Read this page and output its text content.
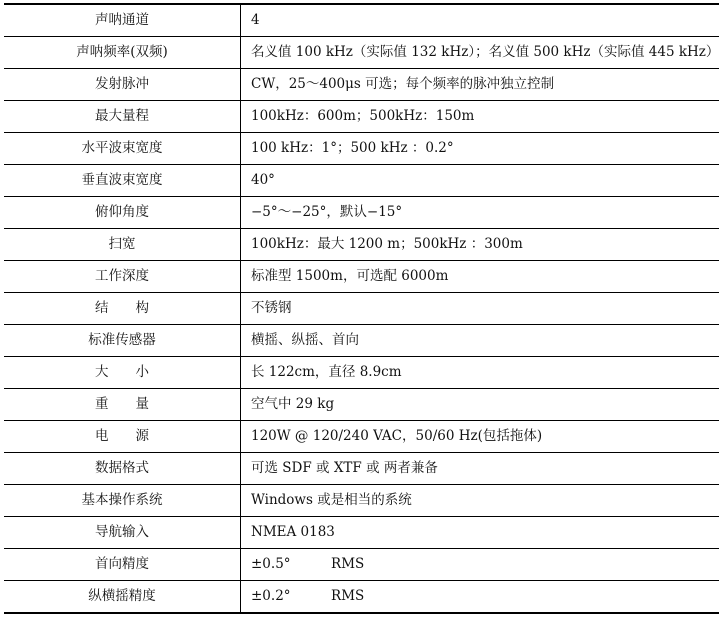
声呐通道	4
声呐频率(双频)	名义值 100 kHz（实际值 132 kHz）；名义值 500 kHz（实际值 445 kHz）
发射脉冲	CW，25～400μs 可选；每个频率的脉冲独立控制
最大量程	100kHz：600m；500kHz：150m
水平波束宽度	100 kHz：1°；500 kHz ：0.2°
垂直波束宽度	40°
俯仰角度	−5°～−25°，默认−15°
扫宽	100kHz：最大 1200 m；500kHz ：300m
工作深度	标准型 1500m，可选配 6000m
结　　构	不锈钢
标准传感器	横摇、纵摇、首向
大　　小	长 122cm，直径 8.9cm
重　　量	空气中 29 kg
电　　源	120W @ 120/240 VAC，50/60 Hz(包括拖体)
数据格式	可选 SDF 或 XTF 或 两者兼备
基本操作系统	Windows 或是相当的系统
导航输入	NMEA 0183
首向精度	±0.5°　　　RMS
纵横摇精度	±0.2°　　　RMS
